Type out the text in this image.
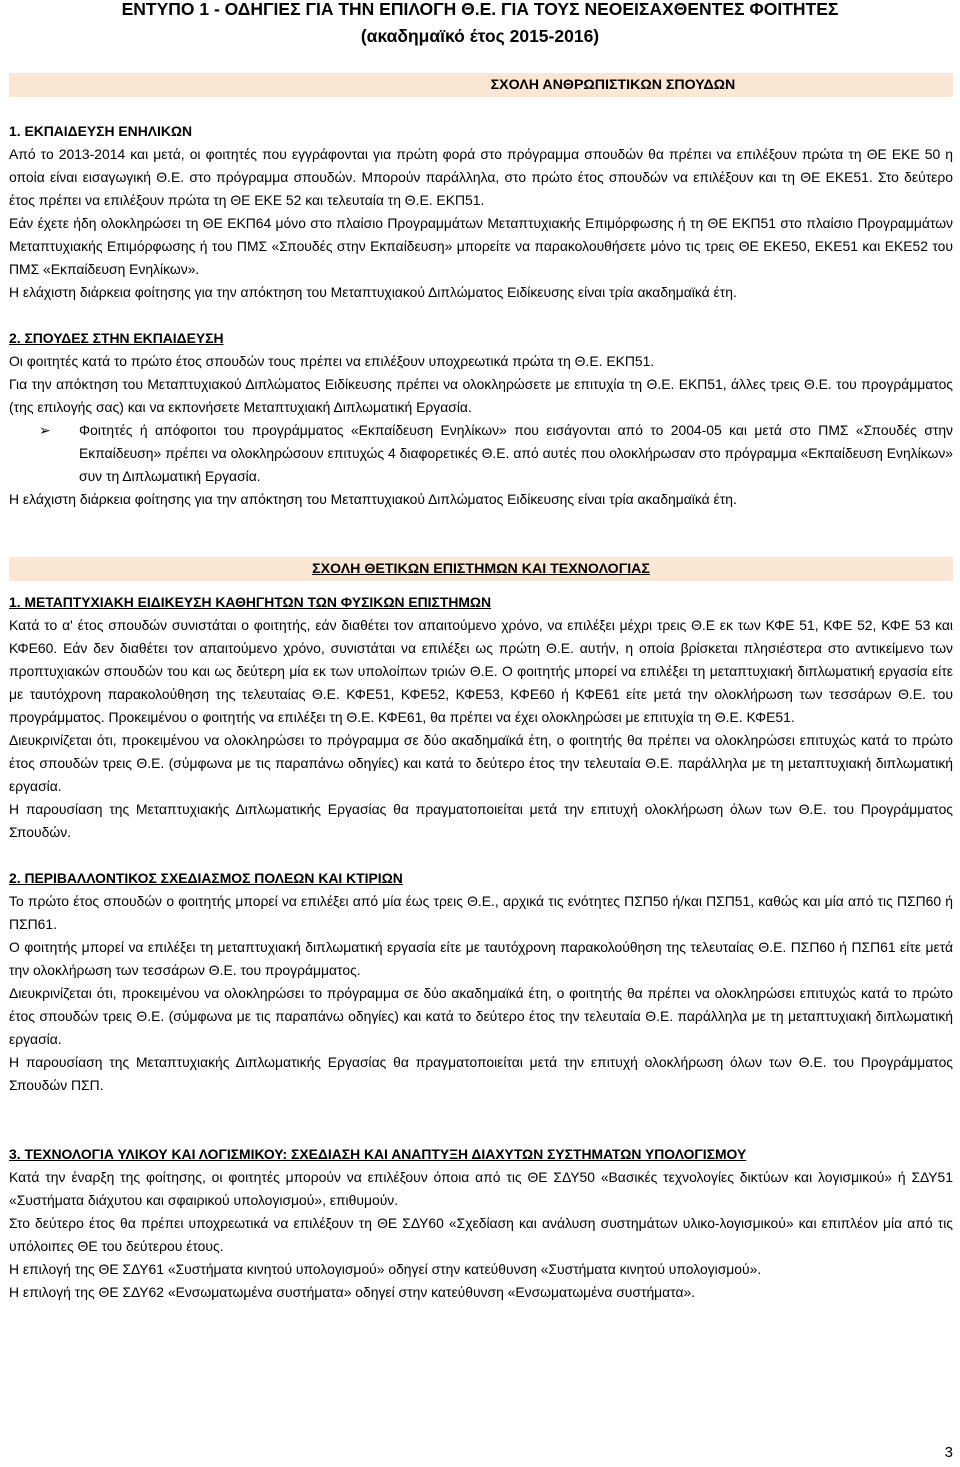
ΕΝΤΥΠΟ 1 - ΟΔΗΓΙΕΣ ΓΙΑ ΤΗΝ ΕΠΙΛΟΓΗ Θ.Ε. ΓΙΑ ΤΟΥΣ ΝΕΟΕΙΣΑΧΘΕΝΤΕΣ ΦΟΙΤΗΤΕΣ
(ακαδημαϊκό έτος 2015-2016)
ΣΧΟΛΗ ΑΝΘΡΩΠΙΣΤΙΚΩΝ ΣΠΟΥΔΩΝ

1. ΕΚΠΑΙΔΕΥΣΗ ΕΝΗΛΙΚΩΝ

Από το 2013-2014 και μετά, οι φοιτητές που εγγράφονται για πρώτη φορά στο πρόγραμμα σπουδών θα πρέπει να επιλέξουν πρώτα τη ΘΕ ΕΚΕ 50 η οποία είναι εισαγωγική Θ.Ε. στο πρόγραμμα σπουδών. Μπορούν παράλληλα, στο πρώτο έτος σπουδών να επιλέξουν και τη ΘΕ ΕΚΕ51. Στο δεύτερο έτος πρέπει να επιλέξουν πρώτα τη ΘΕ ΕΚΕ 52 και τελευταία τη Θ.Ε. ΕΚΠ51.

Εάν έχετε ήδη ολοκληρώσει τη ΘΕ ΕΚΠ64 μόνο στο πλαίσιο Προγραμμάτων Μεταπτυχιακής Επιμόρφωσης ή τη ΘΕ ΕΚΠ51 στο πλαίσιο Προγραμμάτων Μεταπτυχιακής Επιμόρφωσης ή του ΠΜΣ «Σπουδές στην Εκπαίδευση» μπορείτε να παρακολουθήσετε μόνο τις τρεις ΘΕ ΕΚΕ50, ΕΚΕ51 και ΕΚΕ52 του ΠΜΣ «Εκπαίδευση Ενηλίκων».

Η ελάχιστη διάρκεια φοίτησης για την απόκτηση του Μεταπτυχιακού Διπλώματος Ειδίκευσης είναι τρία ακαδημαϊκά έτη.

2. ΣΠΟΥΔΕΣ ΣΤΗΝ ΕΚΠΑΙΔΕΥΣΗ

Οι φοιτητές κατά το πρώτο έτος σπουδών τους πρέπει να επιλέξουν υποχρεωτικά πρώτα τη Θ.Ε. ΕΚΠ51.

Για την απόκτηση του Μεταπτυχιακού Διπλώματος Ειδίκευσης πρέπει να ολοκληρώσετε με επιτυχία τη Θ.Ε. ΕΚΠ51, άλλες τρεις Θ.Ε. του προγράμματος (της επιλογής σας) και να εκπονήσετε Μεταπτυχιακή Διπλωματική Εργασία.

➢	Φοιτητές ή απόφοιτοι του προγράμματος «Εκπαίδευση Ενηλίκων» που εισάγονται από το 2004-05 και μετά στο ΠΜΣ «Σπουδές στην Εκπαίδευση» πρέπει να ολοκληρώσουν επιτυχώς 4 διαφορετικές Θ.Ε. από αυτές που ολοκλήρωσαν στο πρόγραμμα «Εκπαίδευση Ενηλίκων» συν τη Διπλωματική Εργασία.

Η ελάχιστη διάρκεια φοίτησης για την απόκτηση του Μεταπτυχιακού Διπλώματος Ειδίκευσης είναι τρία ακαδημαϊκά έτη.

ΣΧΟΛΗ ΘΕΤΙΚΩΝ ΕΠΙΣΤΗΜΩΝ ΚΑΙ ΤΕΧΝΟΛΟΓΙΑΣ

1. ΜΕΤΑΠΤΥΧΙΑΚΗ ΕΙΔΙΚΕΥΣΗ ΚΑΘΗΓΗΤΩΝ ΤΩΝ ΦΥΣΙΚΩΝ ΕΠΙΣΤΗΜΩΝ

Κατά το α' έτος σπουδών συνιστάται ο φοιτητής, εάν διαθέτει τον απαιτούμενο χρόνο, να επιλέξει μέχρι τρεις Θ.Ε εκ των ΚΦΕ 51, ΚΦΕ 52, ΚΦΕ 53 και ΚΦΕ60. Εάν δεν διαθέτει τον απαιτούμενο χρόνο, συνιστάται να επιλέξει ως πρώτη Θ.Ε. αυτήν, η οποία βρίσκεται πλησιέστερα στο αντικείμενο των προπτυχιακών σπουδών του και ως δεύτερη μία εκ των υπολοίπων τριών Θ.Ε. Ο φοιτητής μπορεί να επιλέξει τη μεταπτυχιακή διπλωματική εργασία είτε με ταυτόχρονη παρακολούθηση της τελευταίας Θ.Ε. ΚΦΕ51, ΚΦΕ52, ΚΦΕ53, ΚΦΕ60 ή ΚΦΕ61 είτε μετά την ολοκλήρωση των τεσσάρων Θ.Ε. του προγράμματος. Προκειμένου ο φοιτητής να επιλέξει τη Θ.Ε. ΚΦΕ61, θα πρέπει να έχει ολοκληρώσει με επιτυχία τη Θ.Ε. ΚΦΕ51.

Διευκρινίζεται ότι, προκειμένου να ολοκληρώσει το πρόγραμμα σε δύο ακαδημαϊκά έτη, ο φοιτητής θα πρέπει να ολοκληρώσει επιτυχώς κατά το πρώτο έτος σπουδών τρεις Θ.Ε. (σύμφωνα με τις παραπάνω οδηγίες) και κατά το δεύτερο έτος την τελευταία Θ.Ε. παράλληλα με τη μεταπτυχιακή διπλωματική εργασία.

Η παρουσίαση της Μεταπτυχιακής Διπλωματικής Εργασίας θα πραγματοποιείται μετά την επιτυχή ολοκλήρωση όλων των Θ.Ε. του Προγράμματος Σπουδών.

2. ΠΕΡΙΒΑΛΛΟΝΤΙΚΟΣ ΣΧΕΔΙΑΣΜΟΣ ΠΟΛΕΩΝ ΚΑΙ ΚΤΙΡΙΩΝ

Το πρώτο έτος σπουδών ο φοιτητής μπορεί να επιλέξει από μία έως τρεις Θ.Ε., αρχικά τις ενότητες ΠΣΠ50 ή/και ΠΣΠ51, καθώς και μία από τις ΠΣΠ60 ή ΠΣΠ61.

Ο φοιτητής μπορεί να επιλέξει τη μεταπτυχιακή διπλωματική εργασία είτε με ταυτόχρονη παρακολούθηση της τελευταίας Θ.Ε. ΠΣΠ60 ή ΠΣΠ61 είτε μετά την ολοκλήρωση των τεσσάρων Θ.Ε. του προγράμματος.

Διευκρινίζεται ότι, προκειμένου να ολοκληρώσει το πρόγραμμα σε δύο ακαδημαϊκά έτη, ο φοιτητής θα πρέπει να ολοκληρώσει επιτυχώς κατά το πρώτο έτος σπουδών τρεις Θ.Ε. (σύμφωνα με τις παραπάνω οδηγίες) και κατά το δεύτερο έτος την τελευταία Θ.Ε. παράλληλα με τη μεταπτυχιακή διπλωματική εργασία.

Η παρουσίαση της Μεταπτυχιακής Διπλωματικής Εργασίας θα πραγματοποιείται μετά την επιτυχή ολοκλήρωση όλων των Θ.Ε. του Προγράμματος Σπουδών ΠΣΠ.

3. ΤΕΧΝΟΛΟΓΙΑ ΥΛΙΚΟΥ ΚΑΙ ΛΟΓΙΣΜΙΚΟΥ: ΣΧΕΔΙΑΣΗ ΚΑΙ ΑΝΑΠΤΥΞΗ ΔΙΑΧΥΤΩΝ ΣΥΣΤΗΜΑΤΩΝ ΥΠΟΛΟΓΙΣΜΟΥ

Κατά την έναρξη της φοίτησης, οι φοιτητές μπορούν να επιλέξουν όποια από τις ΘΕ ΣΔΥ50 «Βασικές τεχνολογίες δικτύων και λογισμικού» ή ΣΔΥ51 «Συστήματα διάχυτου και σφαιρικού υπολογισμού», επιθυμούν.

Στο δεύτερο έτος θα πρέπει υποχρεωτικά να επιλέξουν τη ΘΕ ΣΔΥ60 «Σχεδίαση και ανάλυση συστημάτων υλικο-λογισμικού» και επιπλέον μία από τις υπόλοιπες ΘΕ του δεύτερου έτους.

Η επιλογή της ΘΕ ΣΔΥ61 «Συστήματα κινητού υπολογισμού» οδηγεί στην κατεύθυνση «Συστήματα κινητού υπολογισμού».

Η επιλογή της ΘΕ ΣΔΥ62 «Ενσωματωμένα συστήματα» οδηγεί στην κατεύθυνση «Ενσωματωμένα συστήματα».

3
